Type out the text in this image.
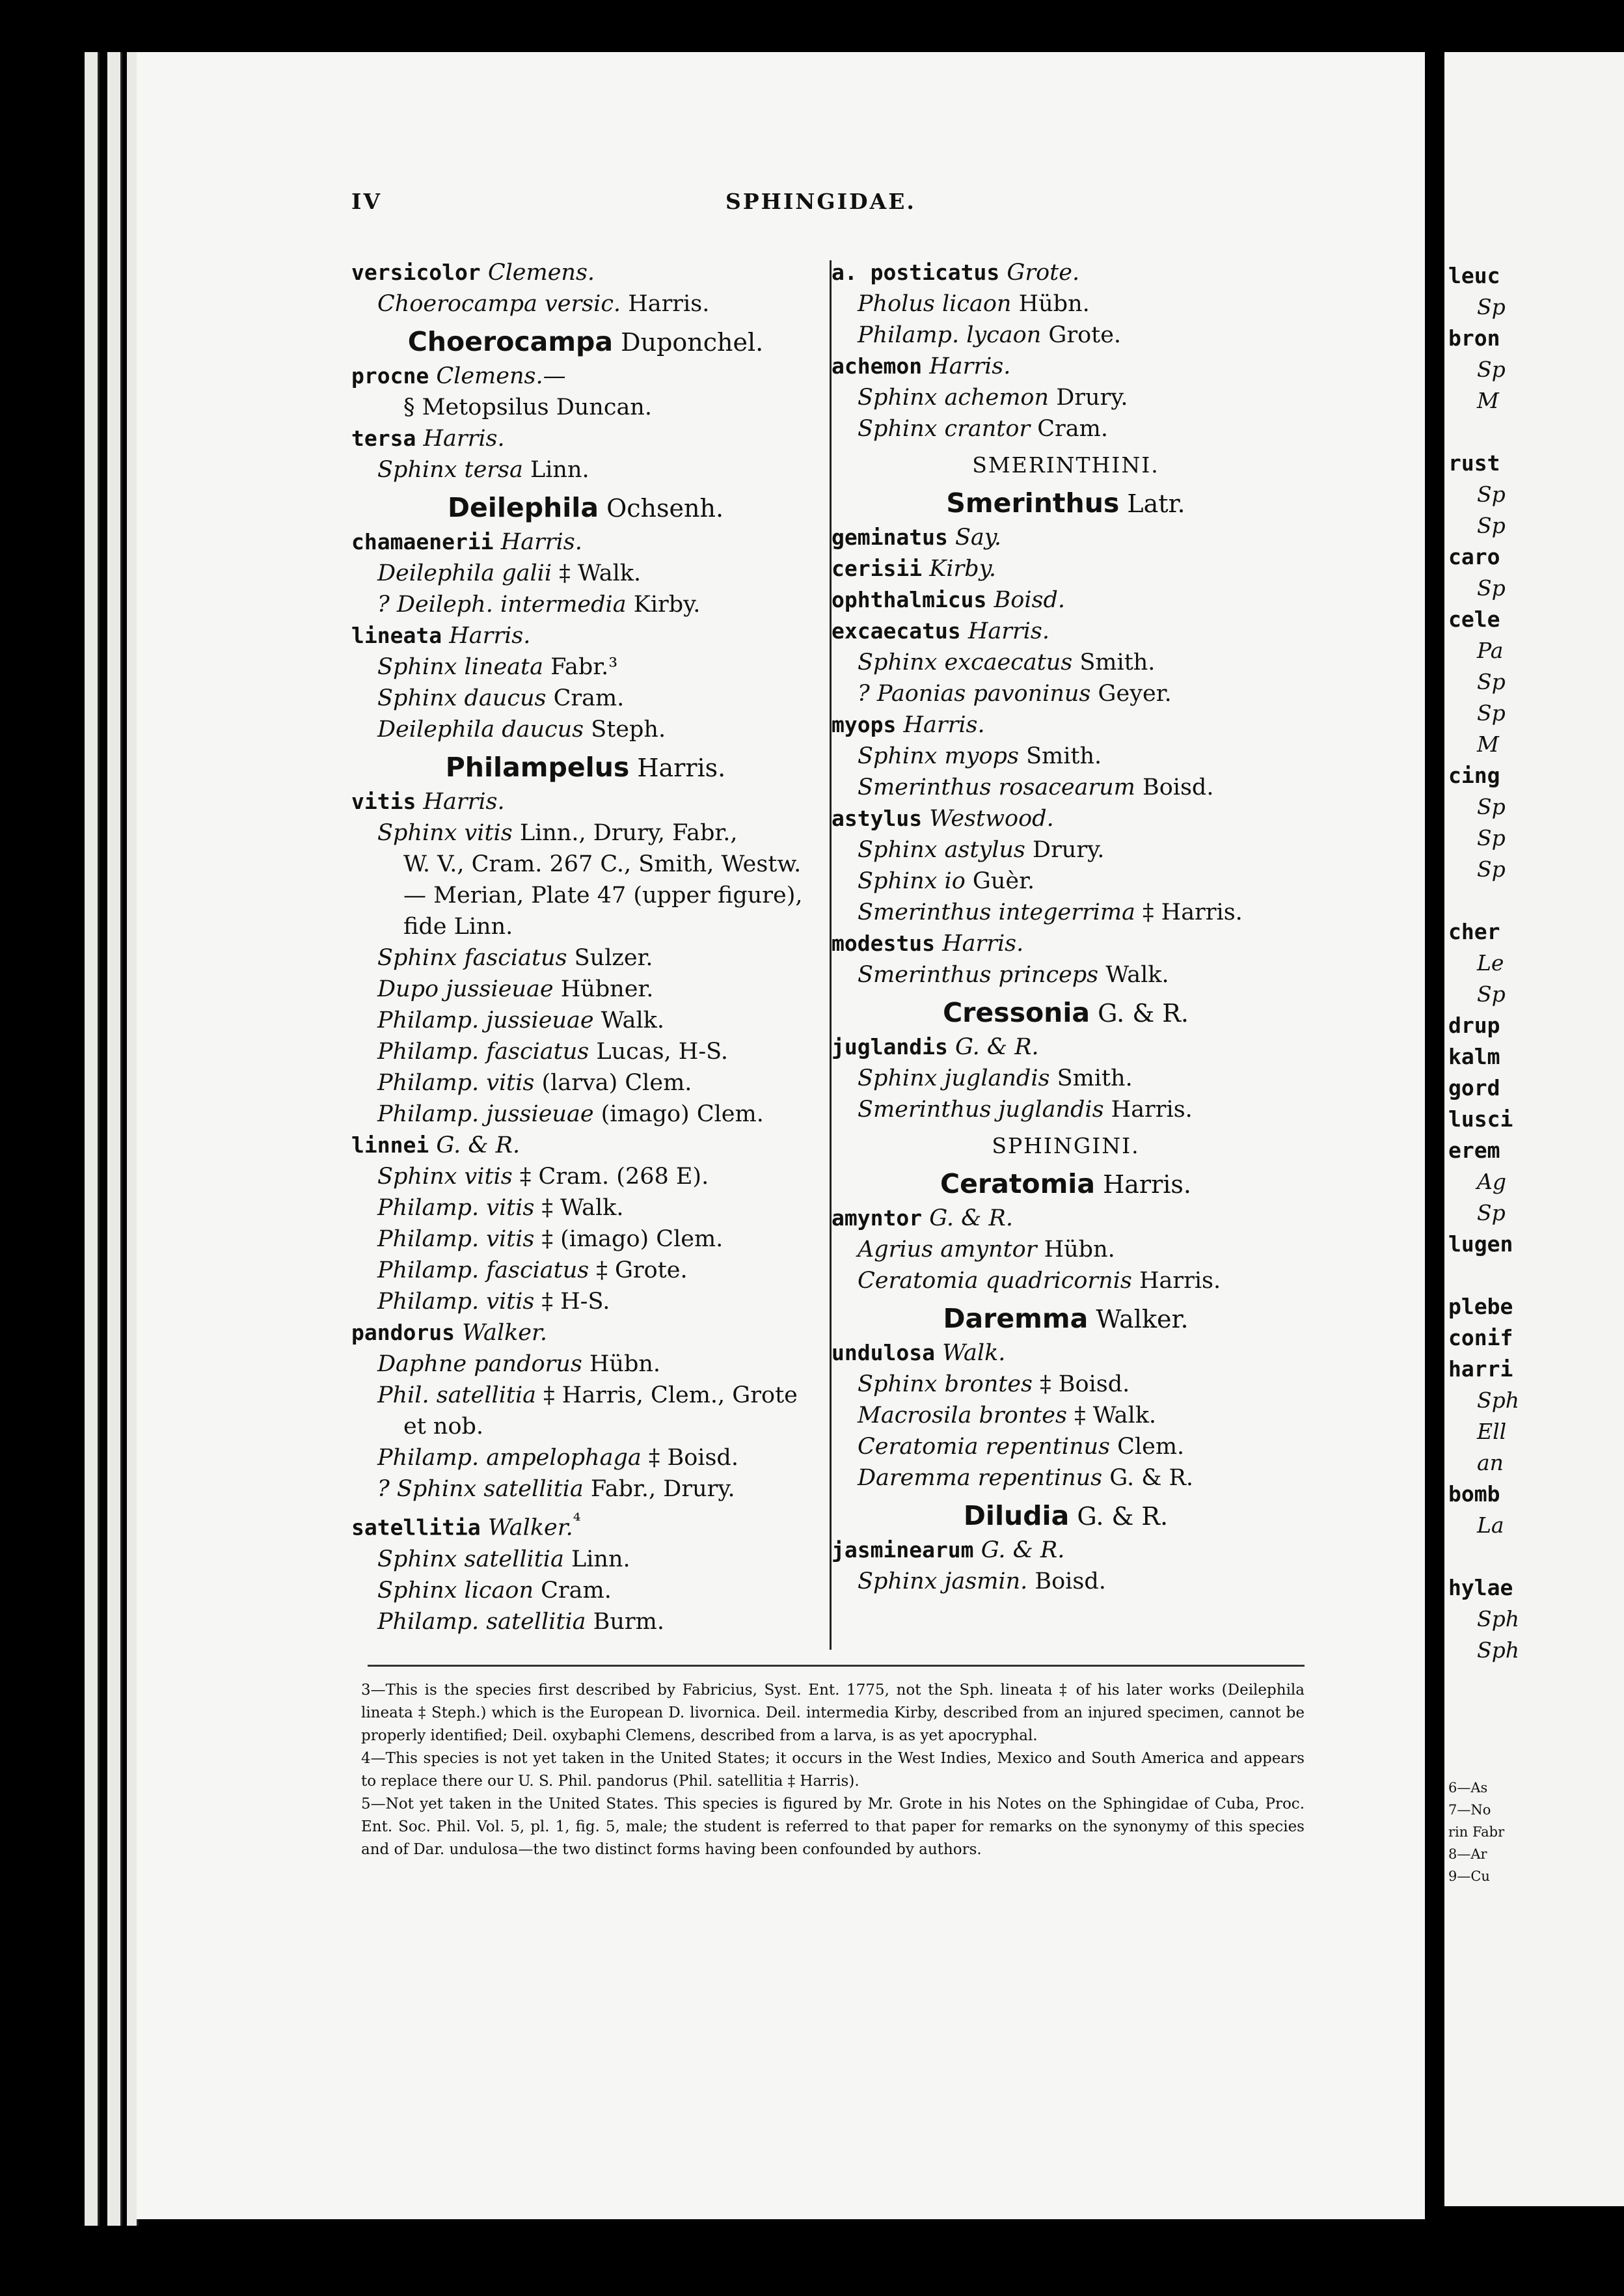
IV	SPHINGIDAE.
versicolor Clemens.
Choerocampa versic. Harris.
Choerocampa Duponchel.
procne Clemens.—
§ Metopsilus Duncan.
tersa Harris.
Sphinx tersa Linn.
Deilephila Ochsenh.
chamaenerii Harris.
Deilephila galii ‡ Walk.
? Deileph. intermedia Kirby.
lineata Harris.
Sphinx lineata Fabr.³
Sphinx daucus Cram.
Deilephila daucus Steph.
Philampelus Harris.
vitis Harris.
Sphinx vitis Linn., Drury, Fabr.,
W. V., Cram. 267 C., Smith, Westw.
— Merian, Plate 47 (upper figure),
fide Linn.
Sphinx fasciatus Sulzer.
Dupo jussieuae Hübner.
Philamp. jussieuae Walk.
Philamp. fasciatus Lucas, H-S.
Philamp. vitis (larva) Clem.
Philamp. jussieuae (imago) Clem.
linnei G. & R.
Sphinx vitis ‡ Cram. (268 E).
Philamp. vitis ‡ Walk.
Philamp. vitis ‡ (imago) Clem.
Philamp. fasciatus ‡ Grote.
Philamp. vitis ‡ H-S.
pandorus Walker.
Daphne pandorus Hübn.
Phil. satellitia ‡ Harris, Clem., Grote
et nob.
Philamp. ampelophaga ‡ Boisd.
? Sphinx satellitia Fabr., Drury.
satellitia Walker.$^{^4}$
Sphinx satellitia Linn.
Sphinx licaon Cram.
Philamp. satellitia Burm.
a. posticatus Grote.
Pholus licaon Hübn.
Philamp. lycaon Grote.
achemon Harris.
Sphinx achemon Drury.
Sphinx crantor Cram.
SMERINTHINI.
Smerinthus Latr.
geminatus Say.
cerisii Kirby.
ophthalmicus Boisd.
excaecatus Harris.
Sphinx excaecatus Smith.
? Paonias pavoninus Geyer.
myops Harris.
Sphinx myops Smith.
Smerinthus rosacearum Boisd.
astylus Westwood.
Sphinx astylus Drury.
Sphinx io Guèr.
Smerinthus integerrima ‡ Harris.
modestus Harris.
Smerinthus princeps Walk.
Cressonia G. & R.
juglandis G. & R.
Sphinx juglandis Smith.
Smerinthus juglandis Harris.
SPHINGINI.
Ceratomia Harris.
amyntor G. & R.
Agrius amyntor Hübn.
Ceratomia quadricornis Harris.
Daremma Walker.
undulosa Walk.
Sphinx brontes ‡ Boisd.
Macrosila brontes ‡ Walk.
Ceratomia repentinus Clem.
Daremma repentinus G. & R.
Diludia G. & R.
jasminearum G. & R.
Sphinx jasmin. Boisd.

3—This is the species first described by Fabricius, Syst. Ent. 1775, not the Sph. lineata ‡ of his later works (Deilephila lineata ‡ Steph.) which is the European D. livornica. Deil. intermedia Kirby, described from an injured specimen, cannot be properly identified; Deil. oxybaphi Clemens, described from a larva, is as yet apocryphal.

4—This species is not yet taken in the United States; it occurs in the West Indies, Mexico and South America and appears to replace there our U. S. Phil. pandorus (Phil. satellitia ‡ Harris).

5—Not yet taken in the United States. This species is figured by Mr. Grote in his Notes on the Sphingidae of Cuba, Proc. Ent. Soc. Phil. Vol. 5, pl. 1, fig. 5, male; the student is referred to that paper for remarks on the synonymy of this species and of Dar. undulosa—the two distinct forms having been confounded by authors.

leuc
Sp
bron
Sp
M

rust
Sp
Sp
caro
Sp
cele
Pa
Sp
Sp
M
cing
Sp
Sp
Sp

cher
Le
Sp
drup
kalm
gord
lusci
erem
Ag
Sp
lugen

plebe
conif
harri
Sph
Ell
an
bomb
La

hylae
Sph
Sph
6—As
7—No
rin Fabr
8—Ar
9—Cu
